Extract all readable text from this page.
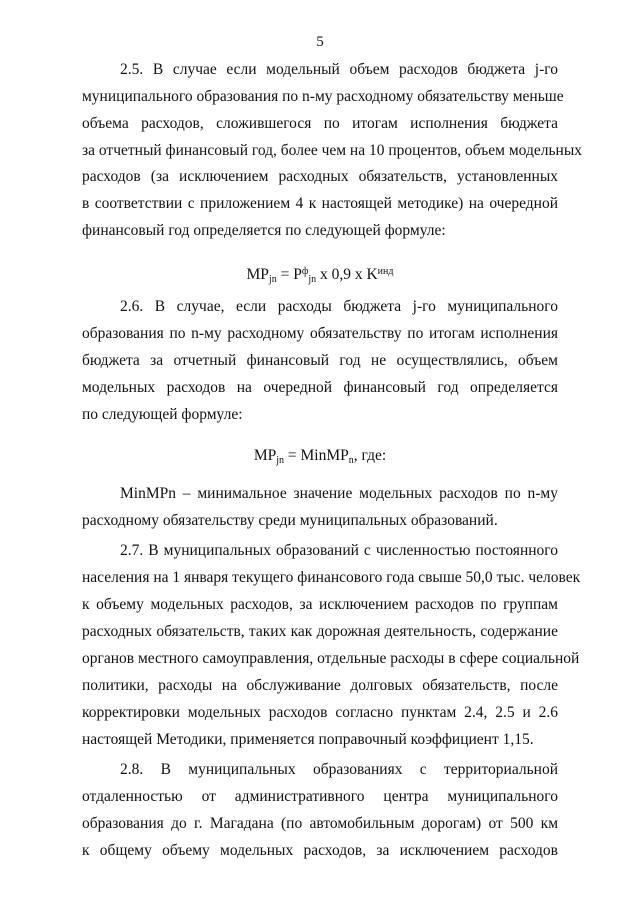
5
2.5. В случае если модельный объем расходов бюджета j-го
муниципального образования по n-му расходному обязательству меньше
объема расходов, сложившегося по итогам исполнения бюджета
за отчетный финансовый год, более чем на 10 процентов, объем модельных
расходов (за исключением расходных обязательств, установленных
в соответствии с приложением 4 к настоящей методике) на очередной
финансовый год определяется по следующей формуле:
$MP_{jn} = P^ф_{jn}$ x 0,9 x $K^{инд}$
2.6. В случае, если расходы бюджета j-го муниципального
образования по n-му расходному обязательству по итогам исполнения
бюджета за отчетный финансовый год не осуществлялись, объем
модельных расходов на очередной финансовый год определяется
по следующей формуле:
$MP_{jn}$ = MinMP$_n$, где:
MinMPn – минимальное значение модельных расходов по n-му
расходному обязательству среди муниципальных образований.
2.7. В муниципальных образований с численностью постоянного
населения на 1 января текущего финансового года свыше 50,0 тыс. человек
к объему модельных расходов, за исключением расходов по группам
расходных обязательств, таких как дорожная деятельность, содержание
органов местного самоуправления, отдельные расходы в сфере социальной
политики, расходы на обслуживание долговых обязательств, после
корректировки модельных расходов согласно пунктам 2.4, 2.5 и 2.6
настоящей Методики, применяется поправочный коэффициент 1,15.
2.8. В муниципальных образованиях с территориальной
отдаленностью от административного центра муниципального
образования до г. Магадана (по автомобильным дорогам) от 500 км
к общему объему модельных расходов, за исключением расходов
